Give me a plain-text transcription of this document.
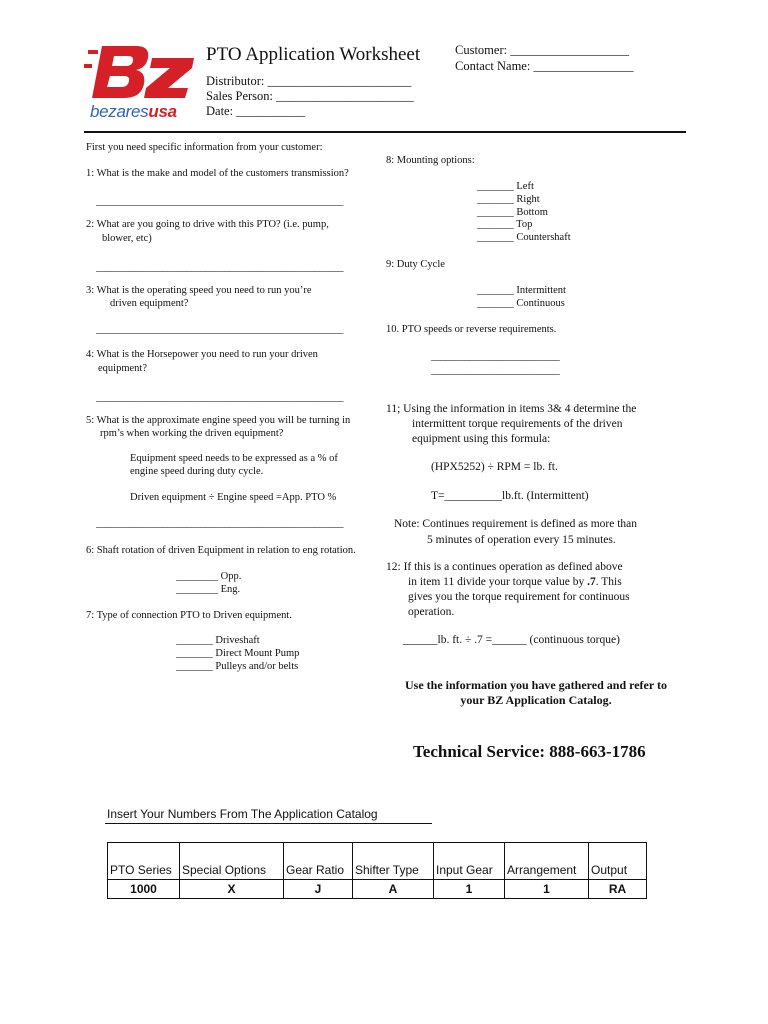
bezaresusa
PTO Application Worksheet
Distributor: _______________________
Sales Person: ______________________
Date: ___________
Customer: ___________________
Contact Name: ________________
First you need specific information from your customer:
1: What is the make and model of the customers transmission?
____________________________________________________
2: What are you going to drive with this PTO? (i.e. pump,
blower, etc)
____________________________________________________
3: What is the operating speed you need to run you’re
driven equipment?
____________________________________________________
4: What is the Horsepower you need to run your driven
equipment?
____________________________________________________
5: What is the approximate engine speed you will be turning in
rpm’s when working the driven equipment?
Equipment speed needs to be expressed as a % of
engine speed during duty cycle.
Driven equipment ÷ Engine speed =App. PTO %
____________________________________________________
6: Shaft rotation of driven Equipment in relation to eng rotation.
________ Opp.
________ Eng.
7: Type of connection PTO to Driven equipment.
_______ Driveshaft
_______ Direct Mount Pump
_______ Pulleys and/or belts
8: Mounting options:
_______ Left
_______ Right
_______ Bottom
_______ Top
_______ Countershaft
9: Duty Cycle
_______ Intermittent
_______ Continuous
10. PTO speeds or reverse requirements.
___________________________
___________________________
11; Using the information in items 3& 4 determine the
intermittent torque requirements of the driven
equipment using this formula:
(HPX5252) ÷ RPM = lb. ft.
T=__________lb.ft. (Intermittent)
Note: Continues requirement is defined as more than
5 minutes of operation every 15 minutes.
12: If this is a continues operation as defined above
in item 11 divide your torque value by .7. This
gives you the torque requirement for continuous
operation.
______lb. ft. ÷ .7 =______ (continuous torque)
Use the information you have gathered and refer to
your BZ Application Catalog.
Technical Service: 888-663-1786
Insert Your Numbers From The Application Catalog

PTO Series	Special Options	Gear Ratio	Shifter Type	Input Gear	Arrangement	Output
1000	X	J	A	1	1	RA
